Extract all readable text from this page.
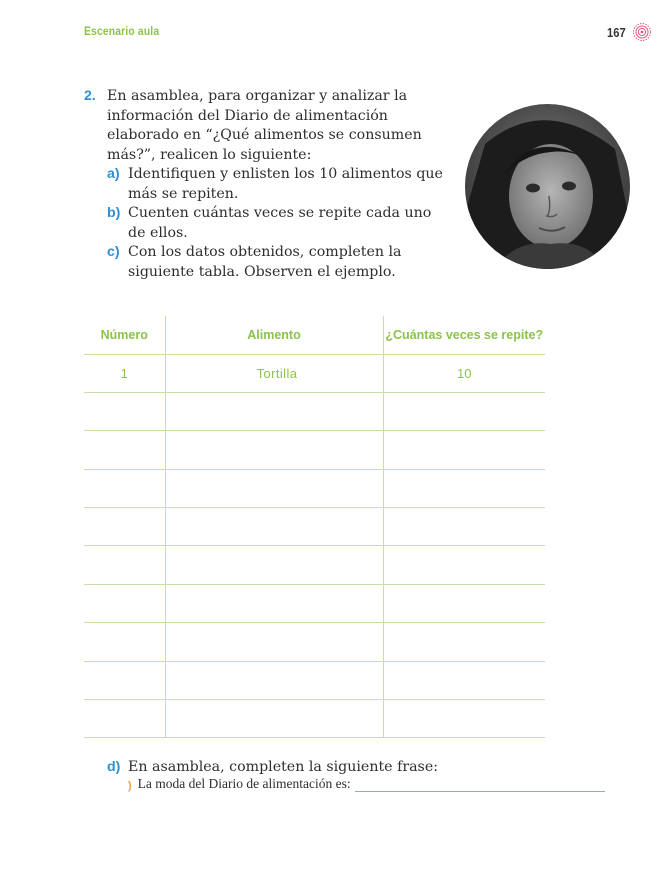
Escenario aula	167
2. En asamblea, para organizar y analizar la información del Diario de alimentación elaborado en “¿Qué alimentos se consumen más?”, realicen lo siguiente:
a) Identifiquen y enlisten los 10 alimentos que más se repiten.
b) Cuenten cuántas veces se repite cada uno de ellos.
c) Con los datos obtenidos, completen la siguiente tabla. Observen el ejemplo.
Número	Alimento	¿Cuántas veces se repite?
1	Tortilla	10

d) En asamblea, completen la siguiente frase:
) La moda del Diario de alimentación es:
